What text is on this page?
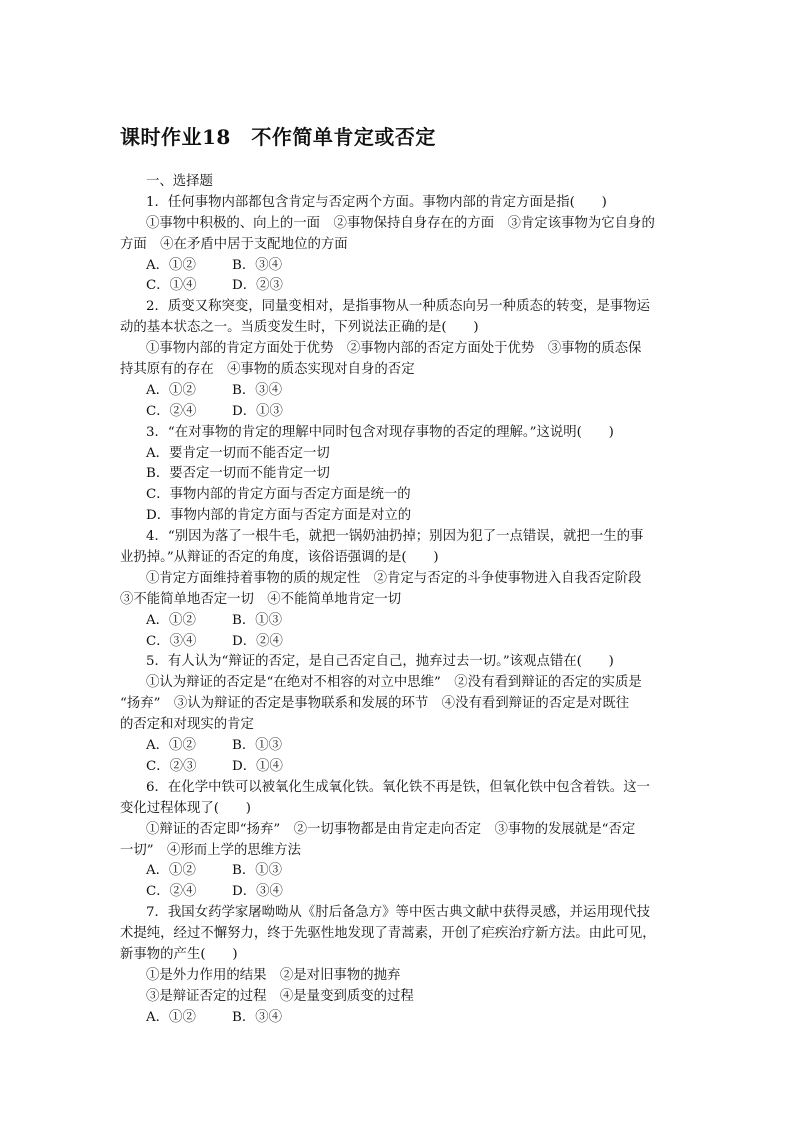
课时作业18　不作简单肯定或否定
一、选择题
1．任何事物内部都包含肯定与否定两个方面。事物内部的肯定方面是指(　　)
①事物中积极的、向上的一面　②事物保持自身存在的方面　③肯定该事物为它自身的
方面　④在矛盾中居于支配地位的方面
A．①②	B．③④
C．①④	D．②③
2．质变又称突变，同量变相对，是指事物从一种质态向另一种质态的转变，是事物运
动的基本状态之一。当质变发生时，下列说法正确的是(　　)
①事物内部的肯定方面处于优势　②事物内部的否定方面处于优势　③事物的质态保
持其原有的存在　④事物的质态实现对自身的否定
A．①②	B．③④
C．②④	D．①③
3．“在对事物的肯定的理解中同时包含对现存事物的否定的理解。”这说明(　　)
A．要肯定一切而不能否定一切
B．要否定一切而不能肯定一切
C．事物内部的肯定方面与否定方面是统一的
D．事物内部的肯定方面与否定方面是对立的
4．“别因为落了一根牛毛，就把一锅奶油扔掉；别因为犯了一点错误，就把一生的事
业扔掉。”从辩证的否定的角度，该俗语强调的是(　　)
①肯定方面维持着事物的质的规定性　②肯定与否定的斗争使事物进入自我否定阶段
③不能简单地否定一切　④不能简单地肯定一切
A．①②	B．①③
C．③④	D．②④
5．有人认为“辩证的否定，是自己否定自己，抛弃过去一切。”该观点错在(　　)
①认为辩证的否定是“在绝对不相容的对立中思维”　②没有看到辩证的否定的实质是
“扬弃”　③认为辩证的否定是事物联系和发展的环节　④没有看到辩证的否定是对既往
的否定和对现实的肯定
A．①②	B．①③
C．②③	D．①④
6．在化学中铁可以被氧化生成氧化铁。氧化铁不再是铁，但氧化铁中包含着铁。这一
变化过程体现了(　　)
①辩证的否定即“扬弃”　②一切事物都是由肯定走向否定　③事物的发展就是“否定
一切”　④形而上学的思维方法
A．①②	B．①③
C．②④	D．③④
7．我国女药学家屠呦呦从《肘后备急方》等中医古典文献中获得灵感，并运用现代技
术提纯，经过不懈努力，终于先驱性地发现了青蒿素，开创了疟疾治疗新方法。由此可见，
新事物的产生(　　)
①是外力作用的结果　②是对旧事物的抛弃
③是辩证否定的过程　④是量变到质变的过程
A．①②	B．③④
